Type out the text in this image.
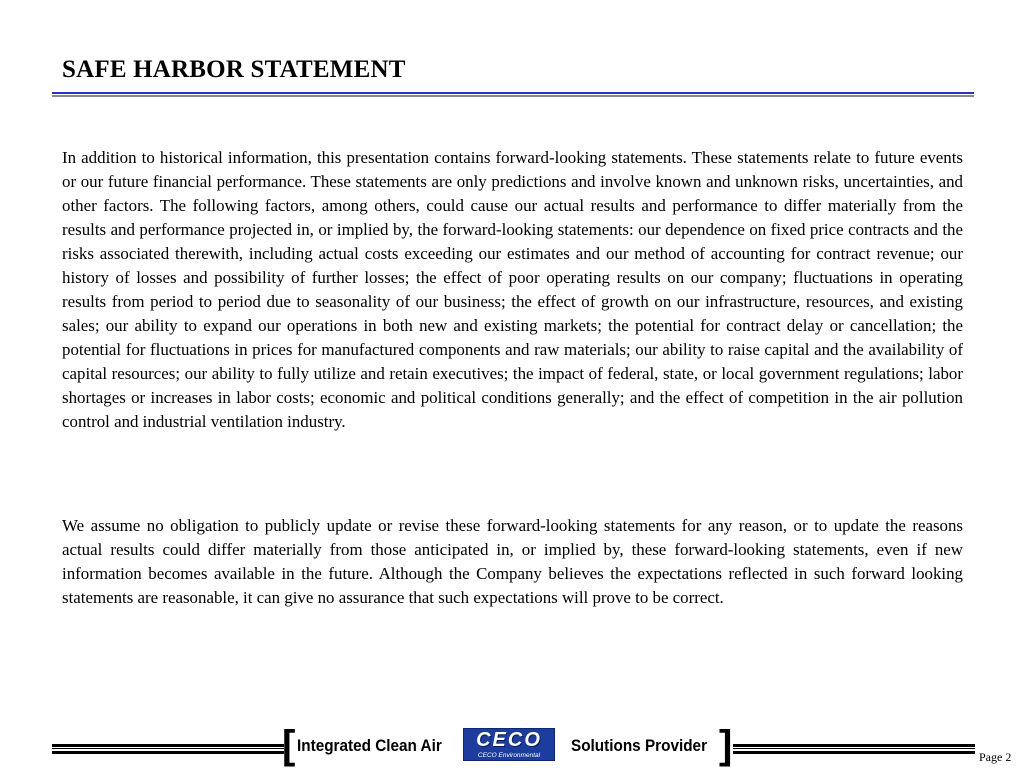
SAFE HARBOR STATEMENT

In addition to historical information, this presentation contains forward-looking statements. These statements relate to future events or our future financial performance. These statements are only predictions and involve known and unknown risks, uncertainties, and other factors. The following factors, among others, could cause our actual results and performance to differ materially from the results and performance projected in, or implied by, the forward-looking statements: our dependence on fixed price contracts and the risks associated therewith, including actual costs exceeding our estimates and our method of accounting for contract revenue; our history of losses and possibility of further losses; the effect of poor operating results on our company; fluctuations in operating results from period to period due to seasonality of our business; the effect of growth on our infrastructure, resources, and existing sales; our ability to expand our operations in both new and existing markets; the potential for contract delay or cancellation; the potential for fluctuations in prices for manufactured components and raw materials; our ability to raise capital and the availability of capital resources; our ability to fully utilize and retain executives; the impact of federal, state, or local government regulations; labor shortages or increases in labor costs; economic and political conditions generally; and the effect of competition in the air pollution control and industrial ventilation industry.

We assume no obligation to publicly update or revise these forward-looking statements for any reason, or to update the reasons actual results could differ materially from those anticipated in, or implied by, these forward-looking statements, even if new information becomes available in the future. Although the Company believes the expectations reflected in such forward looking statements are reasonable, it can give no assurance that such expectations will prove to be correct.

[ Integrated Clean Air	CECO
CECO Environmental
Solutions Provider ]	Page 2
